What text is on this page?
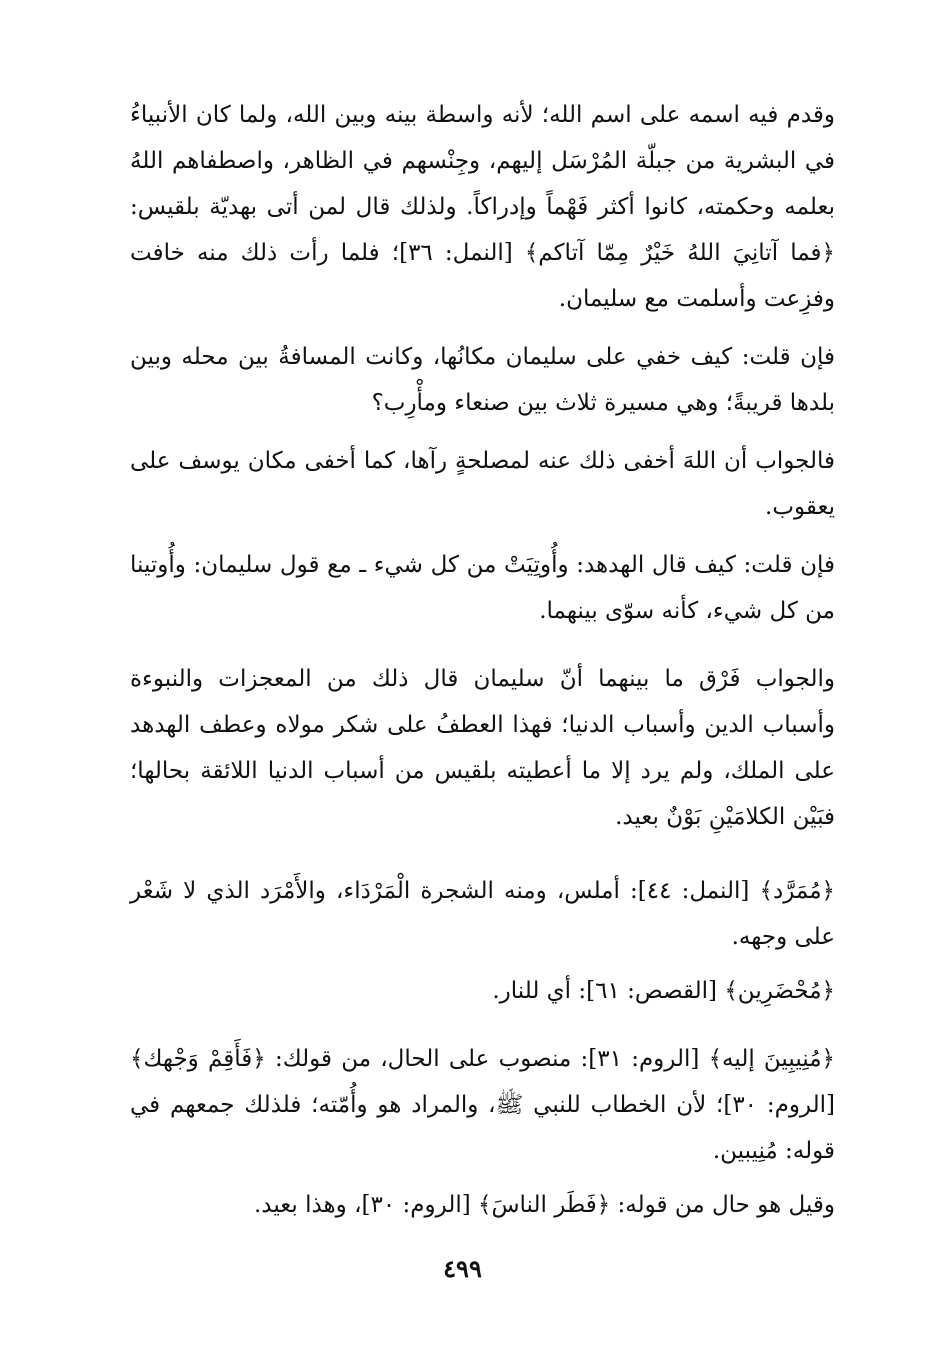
وقدم فيه اسمه على اسم الله؛ لأنه واسطة بينه وبين الله، ولما كان الأنبياءُ في البشرية من جبلّة المُرْسَل إليهم، وجِنْسهم في الظاهر، واصطفاهم اللهُ بعلمه وحكمته، كانوا أكثر فَهْماً وإدراكاً. ولذلك قال لمن أتى بهديّة بلقيس: ﴿فما آتانِيَ اللهُ خَيْرٌ مِمّا آتاكم﴾ [النمل: ٣٦]؛ فلما رأت ذلك منه خافت وفزِعت وأسلمت مع سليمان.

فإن قلت: كيف خفي على سليمان مكانُها، وكانت المسافةُ بين محله وبين بلدها قريبةً؛ وهي مسيرة ثلاث بين صنعاء ومأْرِب؟

فالجواب أن اللهَ أخفى ذلك عنه لمصلحةٍ رآها، كما أخفى مكان يوسف على يعقوب.

فإن قلت: كيف قال الهدهد: وأُوتِيَتْ من كل شيء ـ مع قول سليمان: وأُوتينا من كل شيء، كأنه سوّى بينهما.

والجواب فَرْق ما بينهما أنّ سليمان قال ذلك من المعجزات والنبوءة وأسباب الدين وأسباب الدنيا؛ فهذا العطفُ على شكر مولاه وعطف الهدهد على الملك، ولم يرد إلا ما أعطيته بلقيس من أسباب الدنيا اللائقة بحالها؛ فبَيْن الكلامَيْنِ بَوْنٌ بعيد.

﴿مُمَرَّد﴾ [النمل: ٤٤]: أملس، ومنه الشجرة الْمَرْدَاء، والأَمْرَد الذي لا شَعْر على وجهه.

﴿مُحْضَرِين﴾ [القصص: ٦١]: أي للنار.

﴿مُنِيبِينَ إليه﴾ [الروم: ٣١]: منصوب على الحال، من قولك: ﴿فَأَقِمْ وَجْهك﴾ [الروم: ٣٠]؛ لأن الخطاب للنبي ﷺ، والمراد هو وأُمّته؛ فلذلك جمعهم في قوله: مُنِيبين.

وقيل هو حال من قوله: ﴿فَطَر الناسَ﴾ [الروم: ٣٠]، وهذا بعيد.

٤٩٩
